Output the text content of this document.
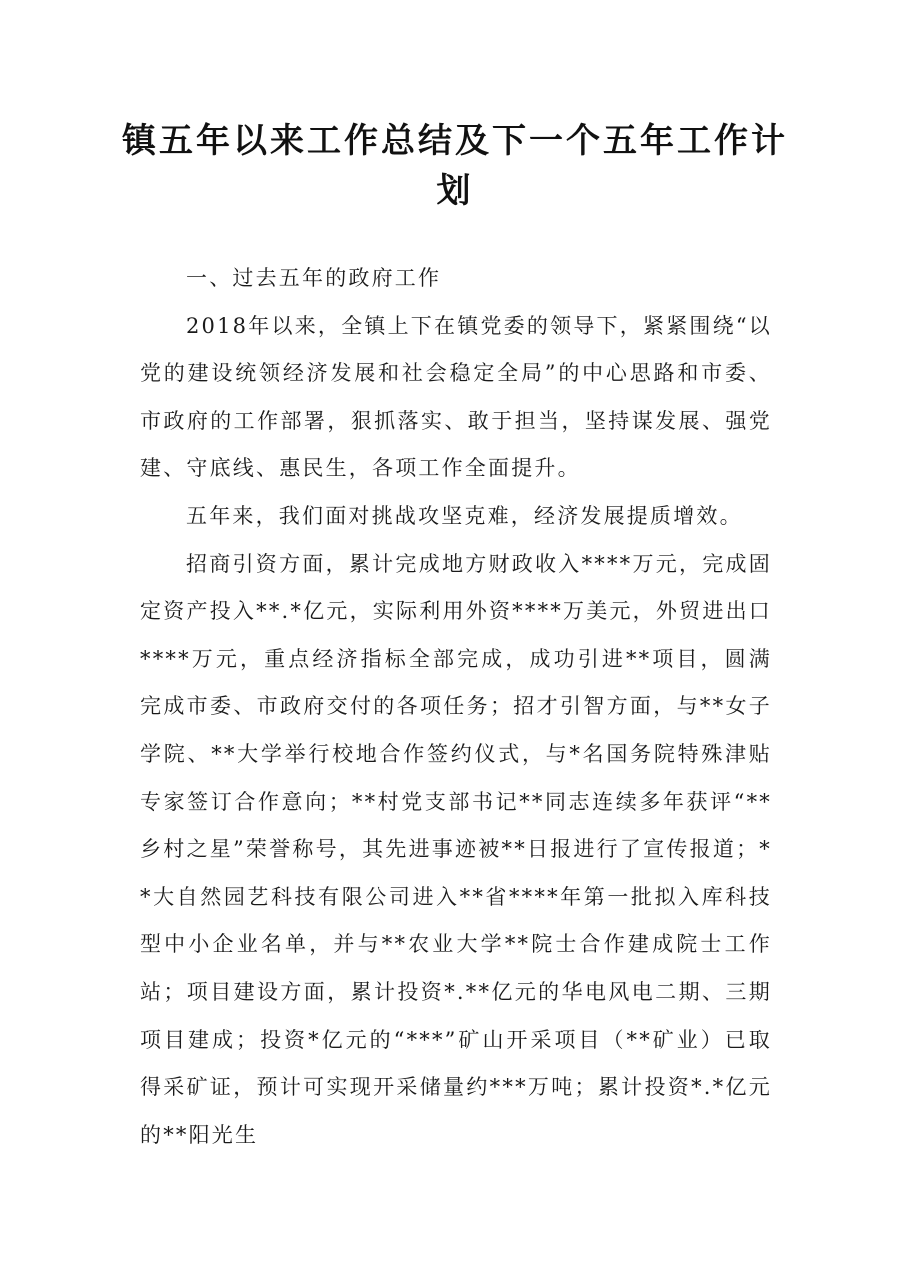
镇五年以来工作总结及下一个五年工作计划

一、过去五年的政府工作

2018年以来，全镇上下在镇党委的领导下，紧紧围绕“以党的建设统领经济发展和社会稳定全局”的中心思路和市委、市政府的工作部署，狠抓落实、敢于担当，坚持谋发展、强党建、守底线、惠民生，各项工作全面提升。

五年来，我们面对挑战攻坚克难，经济发展提质增效。

招商引资方面，累计完成地方财政收入****万元，完成固定资产投入**.*亿元，实际利用外资****万美元，外贸进出口****万元，重点经济指标全部完成，成功引进**项目，圆满完成市委、市政府交付的各项任务；招才引智方面，与**女子学院、**大学举行校地合作签约仪式，与*名国务院特殊津贴专家签订合作意向；**村党支部书记**同志连续多年获评“**乡村之星”荣誉称号，其先进事迹被**日报进行了宣传报道；**大自然园艺科技有限公司进入**省****年第一批拟入库科技型中小企业名单，并与**农业大学**院士合作建成院士工作站；项目建设方面，累计投资*.**亿元的华电风电二期、三期项目建成；投资*亿元的“***”矿山开采项目（**矿业）已取得采矿证，预计可实现开采储量约***万吨；累计投资*.*亿元的**阳光生
